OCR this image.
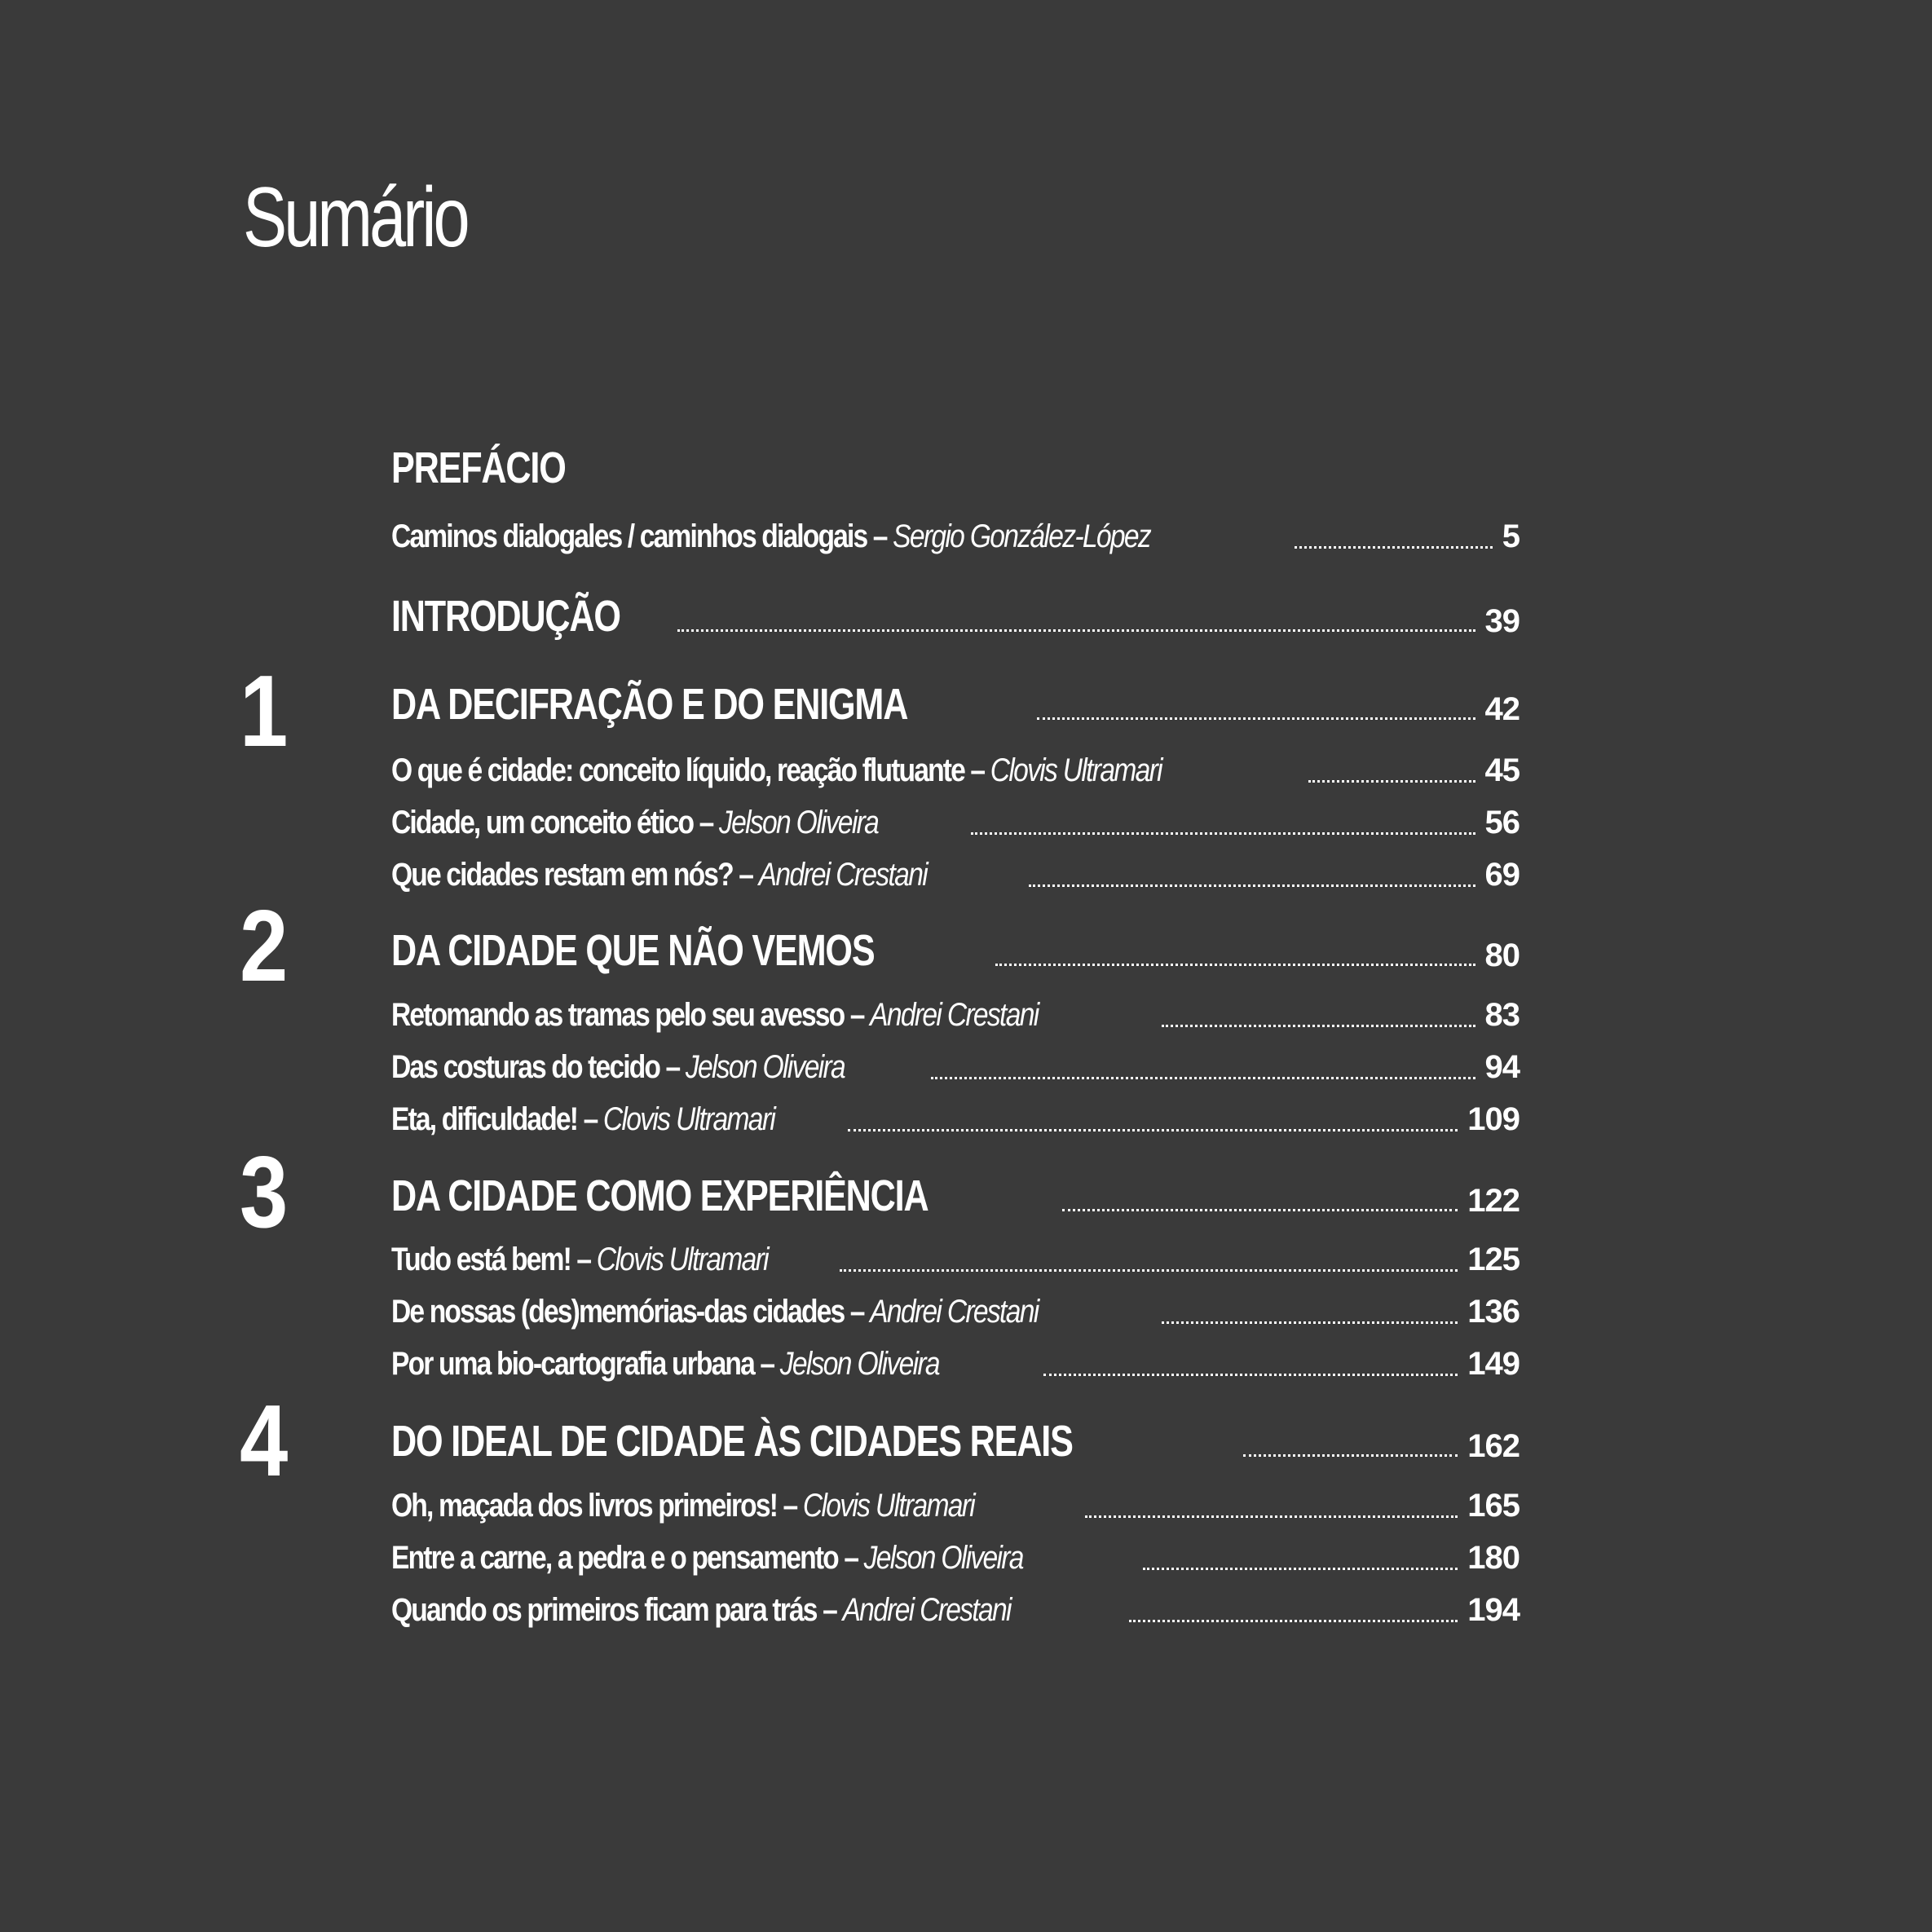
Sumário
PREFÁCIO
Caminos dialogales / caminhos dialogais – Sergio González-López	5
INTRODUÇÃO	39
1 DA DECIFRAÇÃO E DO ENIGMA	42
O que é cidade: conceito líquido, reação flutuante – Clovis Ultramari	45
Cidade, um conceito ético – Jelson Oliveira	56
Que cidades restam em nós? – Andrei Crestani	69
2 DA CIDADE QUE NÃO VEMOS	80
Retomando as tramas pelo seu avesso – Andrei Crestani	83
Das costuras do tecido – Jelson Oliveira	94
Eta, dificuldade! – Clovis Ultramari	109
3 DA CIDADE COMO EXPERIÊNCIA	122
Tudo está bem! – Clovis Ultramari	125
De nossas (des)memórias-das cidades – Andrei Crestani	136
Por uma bio-cartografia urbana – Jelson Oliveira	149
4 DO IDEAL DE CIDADE ÀS CIDADES REAIS	162
Oh, maçada dos livros primeiros! – Clovis Ultramari	165
Entre a carne, a pedra e o pensamento – Jelson Oliveira	180
Quando os primeiros ficam para trás – Andrei Crestani	194
